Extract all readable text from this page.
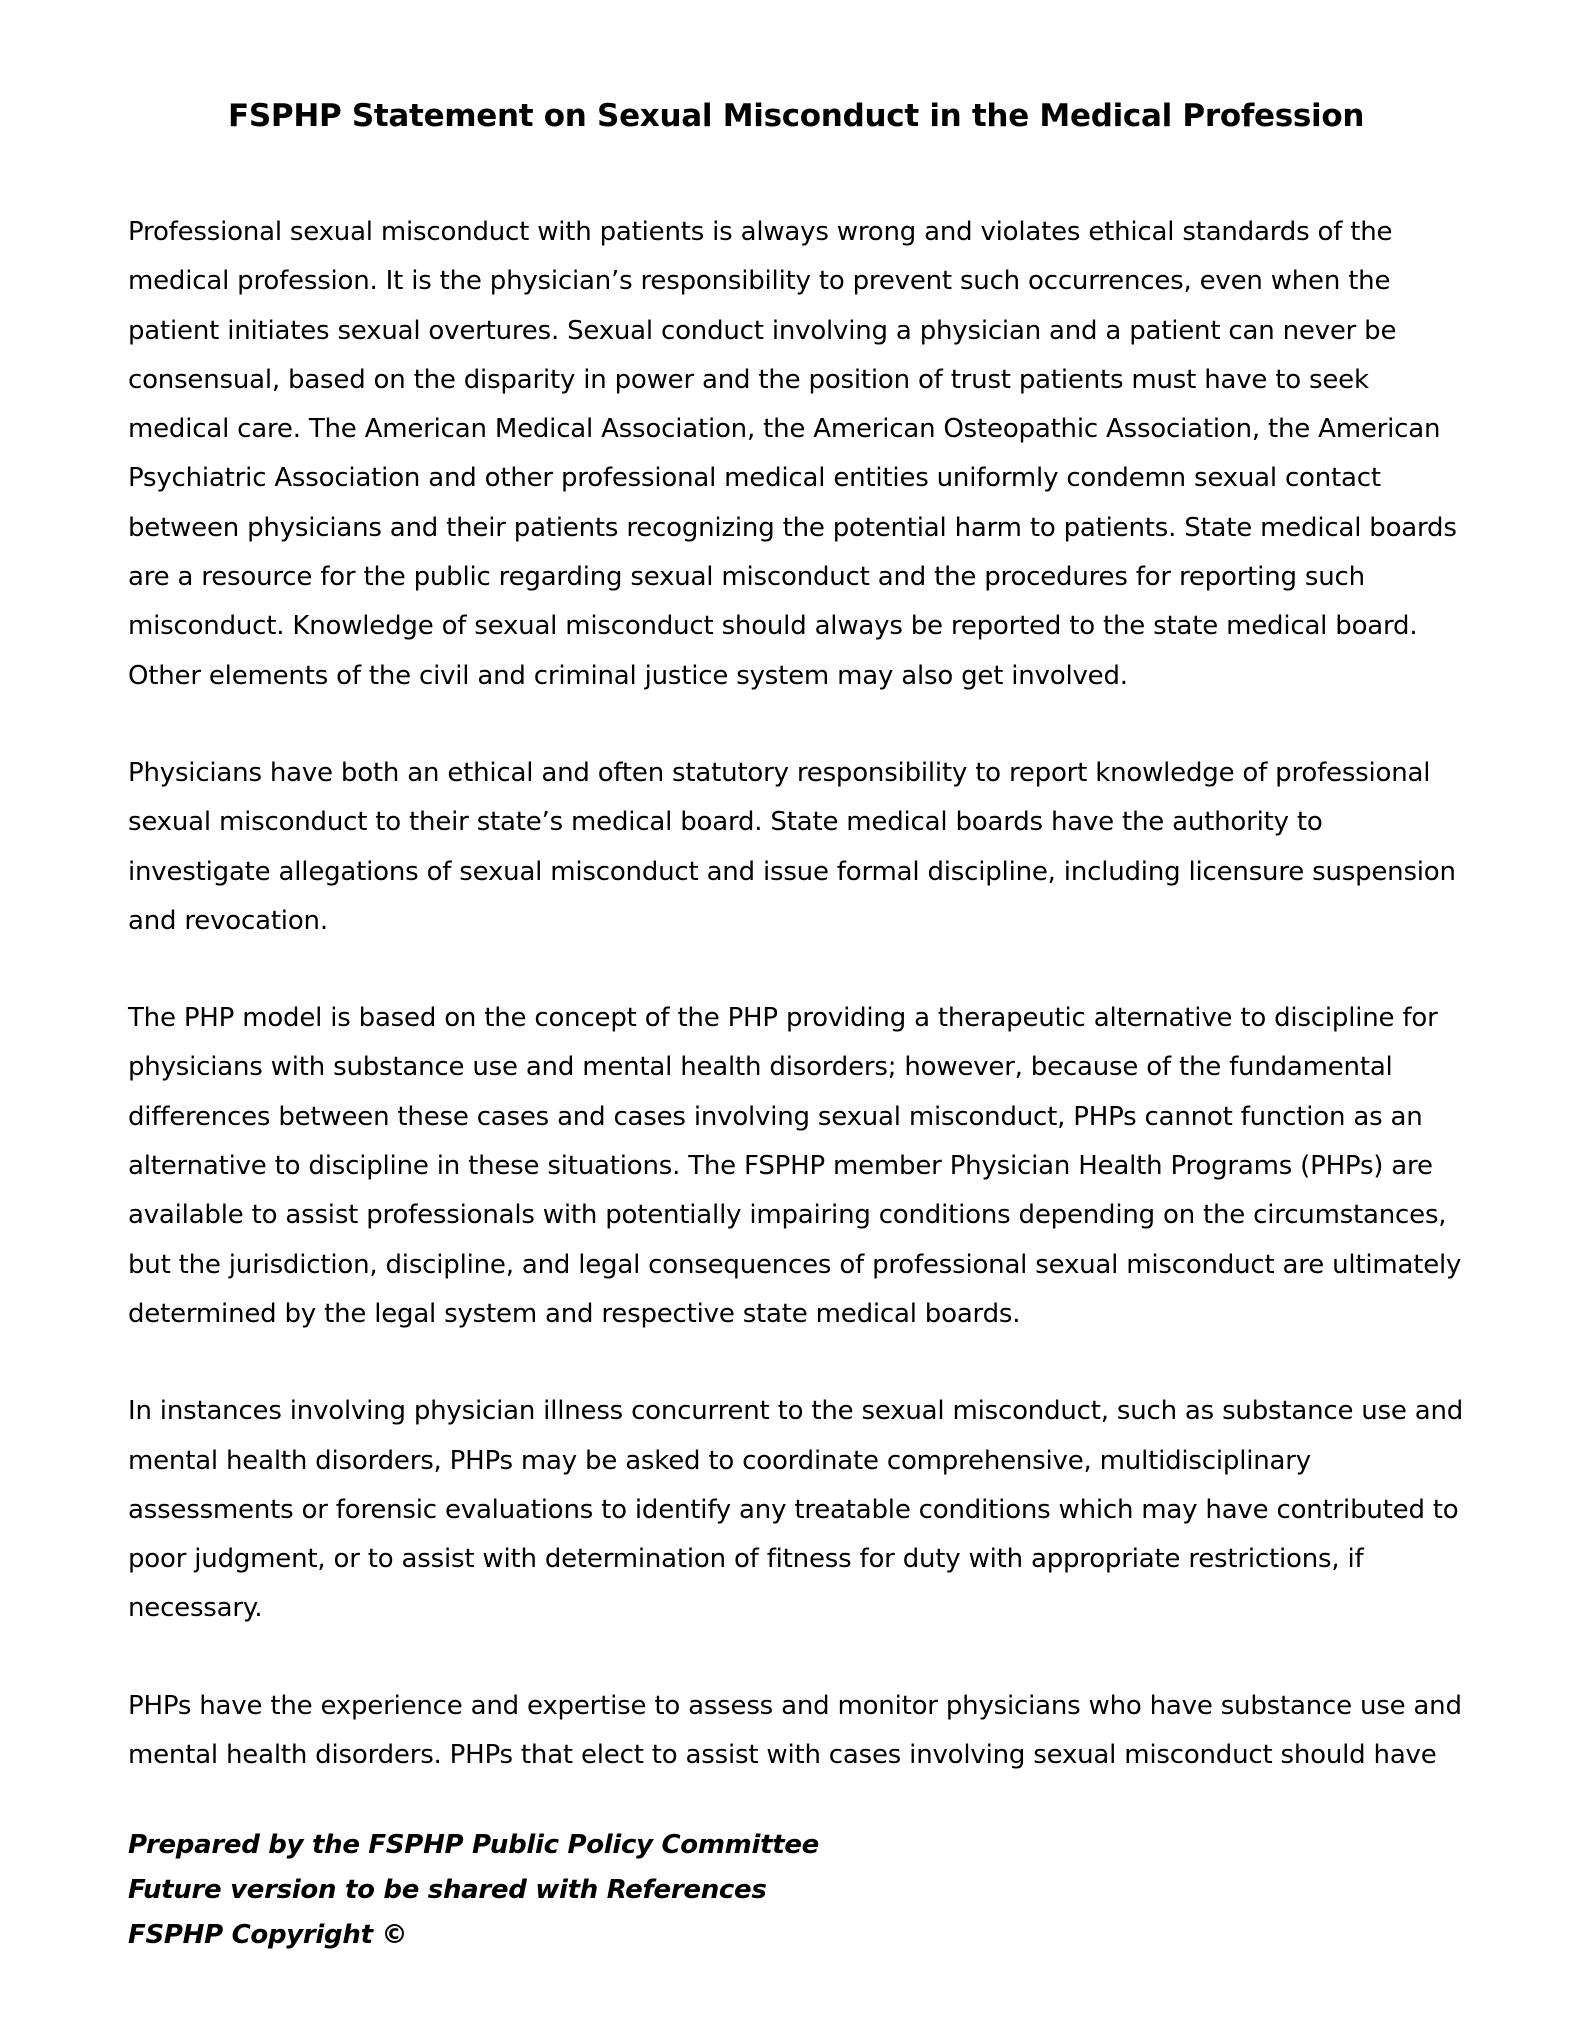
FSPHP Statement on Sexual Misconduct in the Medical Profession
Professional sexual misconduct with patients is always wrong and violates ethical standards of the
medical profession. It is the physician’s responsibility to prevent such occurrences, even when the
patient initiates sexual overtures. Sexual conduct involving a physician and a patient can never be
consensual, based on the disparity in power and the position of trust patients must have to seek
medical care. The American Medical Association, the American Osteopathic Association, the American
Psychiatric Association and other professional medical entities uniformly condemn sexual contact
between physicians and their patients recognizing the potential harm to patients. State medical boards
are a resource for the public regarding sexual misconduct and the procedures for reporting such
misconduct. Knowledge of sexual misconduct should always be reported to the state medical board.
Other elements of the civil and criminal justice system may also get involved.
Physicians have both an ethical and often statutory responsibility to report knowledge of professional
sexual misconduct to their state’s medical board. State medical boards have the authority to
investigate allegations of sexual misconduct and issue formal discipline, including licensure suspension
and revocation.
The PHP model is based on the concept of the PHP providing a therapeutic alternative to discipline for
physicians with substance use and mental health disorders; however, because of the fundamental
differences between these cases and cases involving sexual misconduct, PHPs cannot function as an
alternative to discipline in these situations. The FSPHP member Physician Health Programs (PHPs) are
available to assist professionals with potentially impairing conditions depending on the circumstances,
but the jurisdiction, discipline, and legal consequences of professional sexual misconduct are ultimately
determined by the legal system and respective state medical boards.
In instances involving physician illness concurrent to the sexual misconduct, such as substance use and
mental health disorders, PHPs may be asked to coordinate comprehensive, multidisciplinary
assessments or forensic evaluations to identify any treatable conditions which may have contributed to
poor judgment, or to assist with determination of fitness for duty with appropriate restrictions, if
necessary.
PHPs have the experience and expertise to assess and monitor physicians who have substance use and
mental health disorders. PHPs that elect to assist with cases involving sexual misconduct should have
Prepared by the FSPHP Public Policy Committee
Future version to be shared with References
FSPHP Copyright ©
